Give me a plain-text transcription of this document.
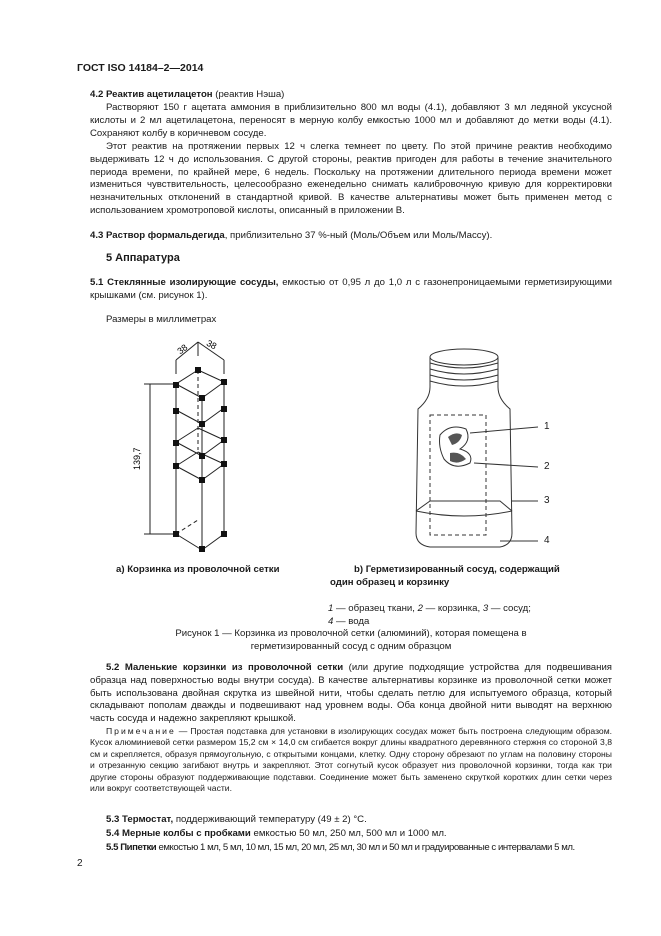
ГОСТ ISO 14184–2—2014
4.2 Реактив ацетилацетон (реактив Нэша)
Растворяют 150 г ацетата аммония в приблизительно 800 мл воды (4.1), добавляют 3 мл ледяной уксусной кислоты и 2 мл ацетилацетона, переносят в мерную колбу емкостью 1000 мл и добавляют до метки воды (4.1). Сохраняют колбу в коричневом сосуде.
Этот реактив на протяжении первых 12 ч слегка темнеет по цвету. По этой причине реактив необходимо выдерживать 12 ч до использования. С другой стороны, реактив пригоден для работы в течение значительного периода времени, по крайней мере, 6 недель. Поскольку на протяжении длительного периода времени может измениться чувствительность, целесообразно еженедельно снимать калибровочную кривую для корректировки незначительных отклонений в стандартной кривой. В качестве альтернативы может быть применен метод с использованием хромотроповой кислоты, описанный в приложении В.
4.3 Раствор формальдегида, приблизительно 37 %-ный (Моль/Объем или Моль/Массу).
5 Аппаратура
5.1 Стеклянные изолирующие сосуды, емкостью от 0,95 л до 1,0 л с газонепроницаемыми герметизирующими крышками (см. рисунок 1).
Размеры в миллиметрах
38 38
139,7
1
2
3
4
а) Корзинка из проволочной сетки	b) Герметизированный сосуд, содержащий
один образец и корзинку
1 — образец ткани, 2 — корзинка, 3 — сосуд;
4 — вода
Рисунок 1 — Корзинка из проволочной сетки (алюминий), которая помещена в
герметизированный сосуд с одним образцом
5.2 Маленькие корзинки из проволочной сетки (или другие подходящие устройства для подвешивания образца над поверхностью воды внутри сосуда). В качестве альтернативы корзинке из проволочной сетки может быть использована двойная скрутка из швейной нити, чтобы сделать петлю для испытуемого образца, который складывают пополам дважды и подвешивают над уровнем воды. Оба конца двойной нити выводят на верхнюю часть сосуда и надежно закрепляют крышкой.
Примечание — Простая подставка для установки в изолирующих сосудах может быть построена следующим образом. Кусок алюминиевой сетки размером 15,2 см × 14,0 см сгибается вокруг длины квадратного деревянного стержня со стороной 3,8 см и скрепляется, образуя прямоугольную, с открытыми концами, клетку. Одну сторону обрезают по углам на половину стороны и отрезанную секцию загибают внутрь и закрепляют. Этот согнутый кусок образует низ проволочной корзинки, тогда как три другие стороны образуют поддерживающие подставки. Соединение может быть заменено скруткой коротких длин сетки через или вокруг соответствующей части.
5.3 Термостат, поддерживающий температуру (49 ± 2) °C.
5.4 Мерные колбы с пробками емкостью 50 мл, 250 мл, 500 мл и 1000 мл.
5.5 Пипетки емкостью 1 мл, 5 мл, 10 мл, 15 мл, 20 мл, 25 мл, 30 мл и 50 мл и градуированные с интервалами 5 мл.
2
